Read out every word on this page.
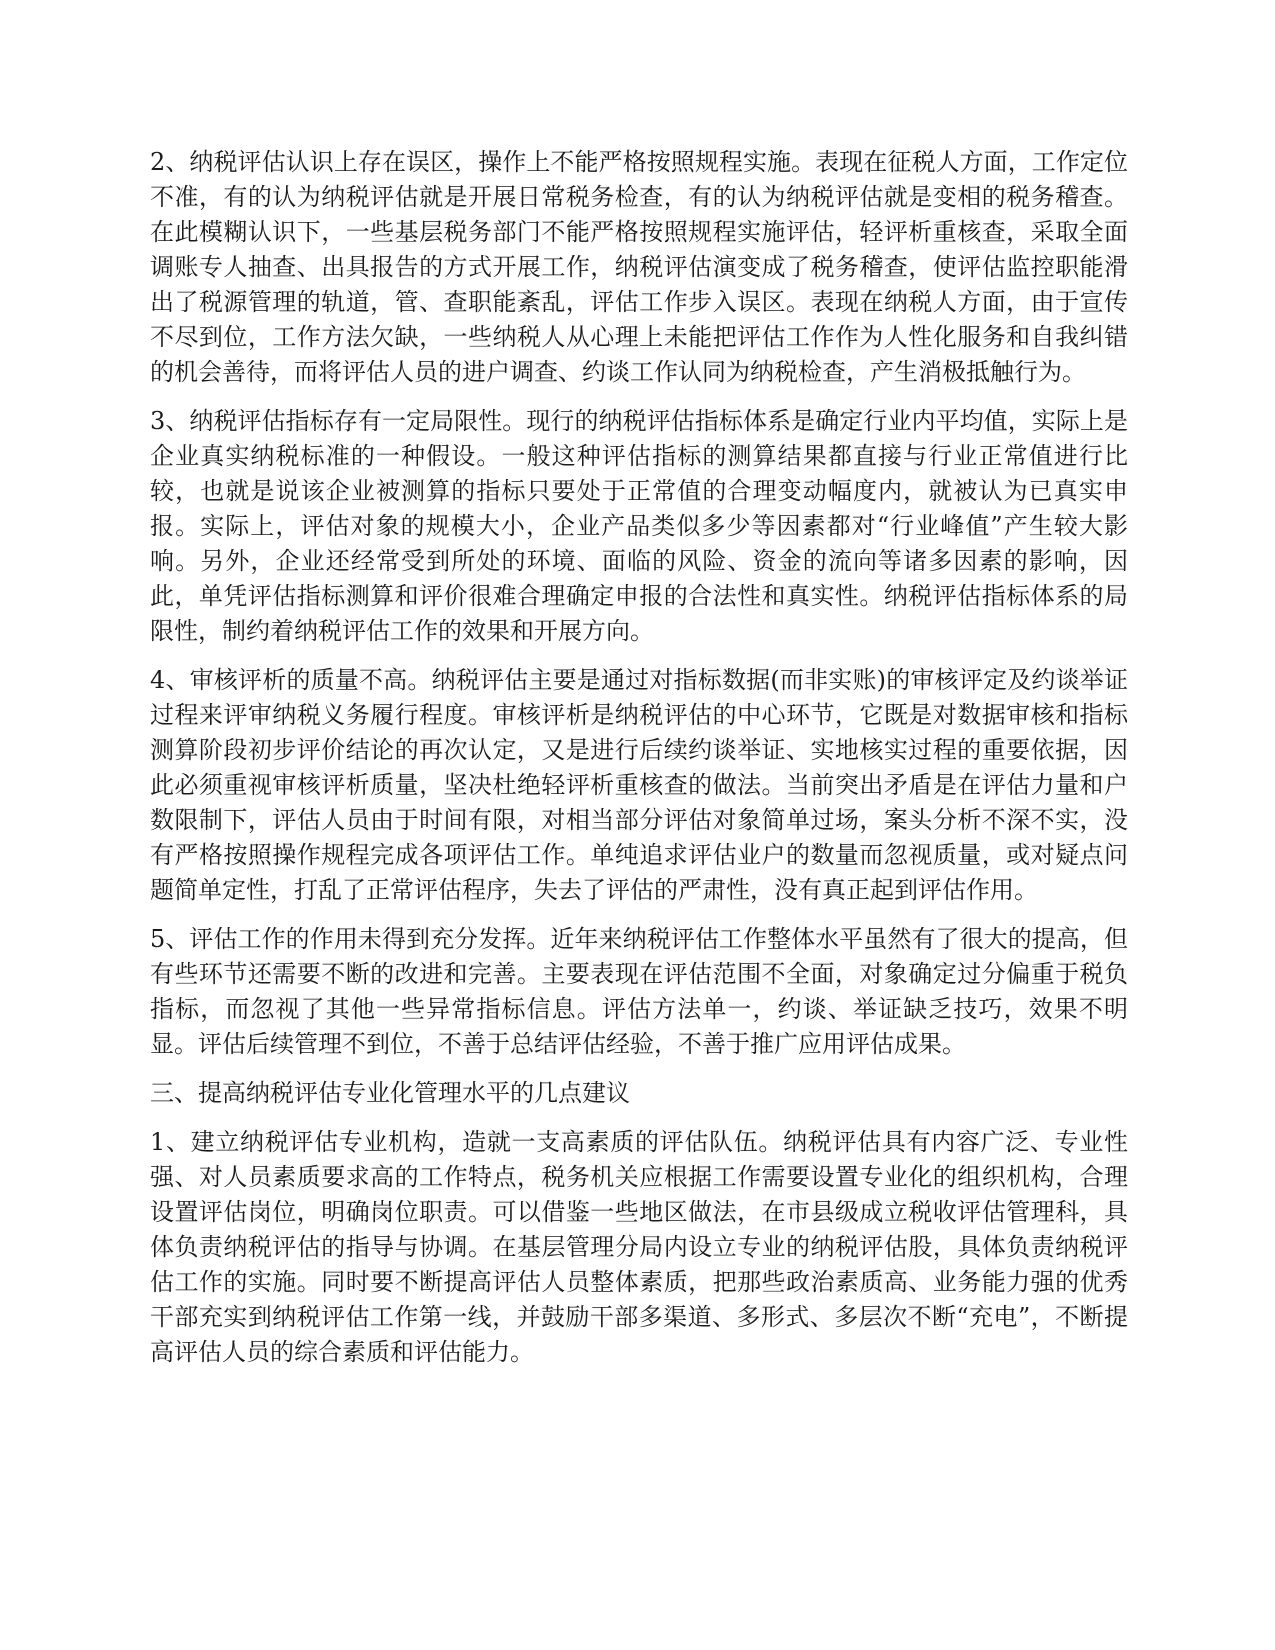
2、纳税评估认识上存在误区，操作上不能严格按照规程实施。表现在征税人方面，工作定位不准，有的认为纳税评估就是开展日常税务检查，有的认为纳税评估就是变相的税务稽查。在此模糊认识下，一些基层税务部门不能严格按照规程实施评估，轻评析重核查，采取全面调账专人抽查、出具报告的方式开展工作，纳税评估演变成了税务稽查，使评估监控职能滑出了税源管理的轨道，管、查职能紊乱，评估工作步入误区。表现在纳税人方面，由于宣传不尽到位，工作方法欠缺，一些纳税人从心理上未能把评估工作作为人性化服务和自我纠错的机会善待，而将评估人员的进户调查、约谈工作认同为纳税检查，产生消极抵触行为。

3、纳税评估指标存有一定局限性。现行的纳税评估指标体系是确定行业内平均值，实际上是企业真实纳税标准的一种假设。一般这种评估指标的测算结果都直接与行业正常值进行比较，也就是说该企业被测算的指标只要处于正常值的合理变动幅度内，就被认为已真实申报。实际上，评估对象的规模大小，企业产品类似多少等因素都对“行业峰值”产生较大影响。另外，企业还经常受到所处的环境、面临的风险、资金的流向等诸多因素的影响，因此，单凭评估指标测算和评价很难合理确定申报的合法性和真实性。纳税评估指标体系的局限性，制约着纳税评估工作的效果和开展方向。

4、审核评析的质量不高。纳税评估主要是通过对指标数据(而非实账)的审核评定及约谈举证过程来评审纳税义务履行程度。审核评析是纳税评估的中心环节，它既是对数据审核和指标测算阶段初步评价结论的再次认定，又是进行后续约谈举证、实地核实过程的重要依据，因此必须重视审核评析质量，坚决杜绝轻评析重核查的做法。当前突出矛盾是在评估力量和户数限制下，评估人员由于时间有限，对相当部分评估对象简单过场，案头分析不深不实，没有严格按照操作规程完成各项评估工作。单纯追求评估业户的数量而忽视质量，或对疑点问题简单定性，打乱了正常评估程序，失去了评估的严肃性，没有真正起到评估作用。

5、评估工作的作用未得到充分发挥。近年来纳税评估工作整体水平虽然有了很大的提高，但有些环节还需要不断的改进和完善。主要表现在评估范围不全面，对象确定过分偏重于税负指标，而忽视了其他一些异常指标信息。评估方法单一，约谈、举证缺乏技巧，效果不明显。评估后续管理不到位，不善于总结评估经验，不善于推广应用评估成果。

三、提高纳税评估专业化管理水平的几点建议

1、建立纳税评估专业机构，造就一支高素质的评估队伍。纳税评估具有内容广泛、专业性强、对人员素质要求高的工作特点，税务机关应根据工作需要设置专业化的组织机构，合理设置评估岗位，明确岗位职责。可以借鉴一些地区做法，在市县级成立税收评估管理科，具体负责纳税评估的指导与协调。在基层管理分局内设立专业的纳税评估股，具体负责纳税评估工作的实施。同时要不断提高评估人员整体素质，把那些政治素质高、业务能力强的优秀干部充实到纳税评估工作第一线，并鼓励干部多渠道、多形式、多层次不断“充电”，不断提高评估人员的综合素质和评估能力。
